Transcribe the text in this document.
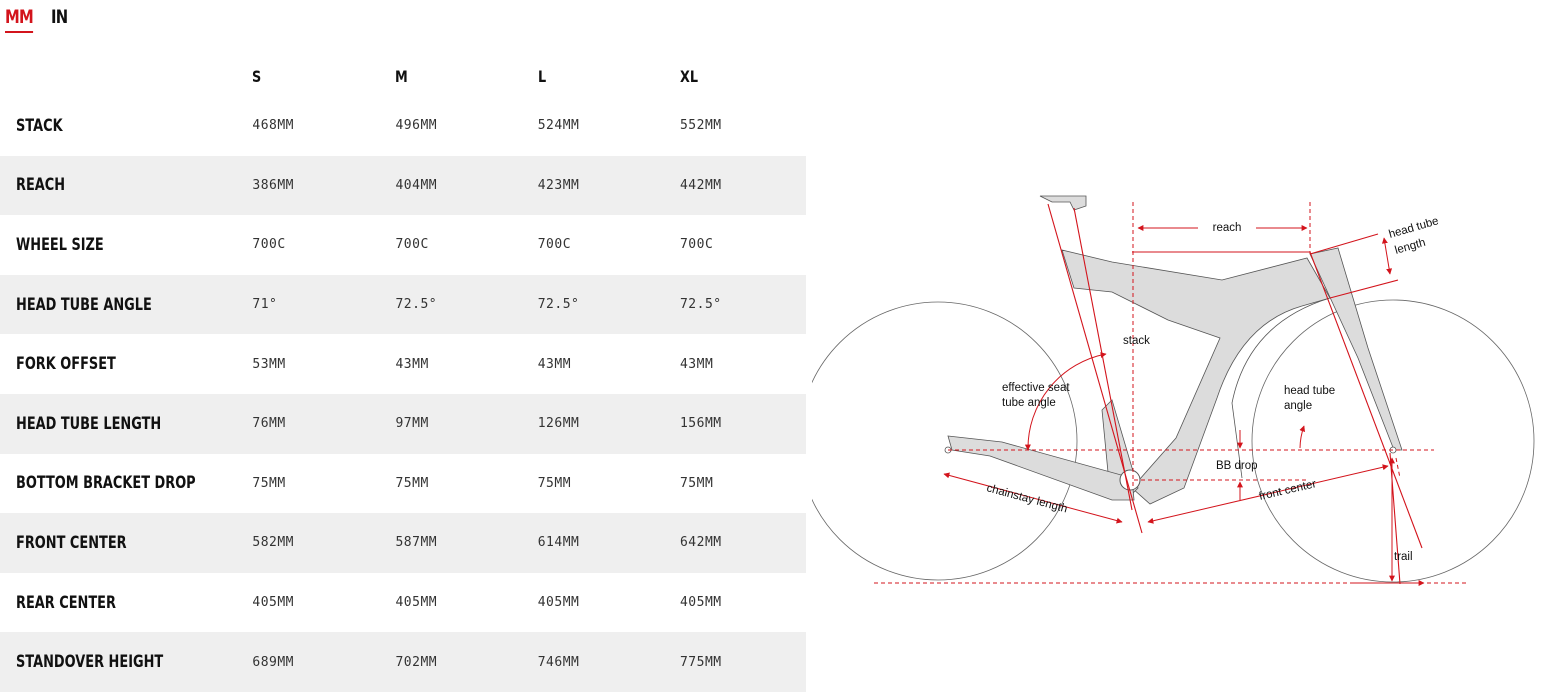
MM IN
	S	M	L	XL
STACK	468MM	496MM	524MM	552MM
REACH	386MM	404MM	423MM	442MM
WHEEL SIZE	700C	700C	700C	700C
HEAD TUBE ANGLE	71°	72.5°	72.5°	72.5°
FORK OFFSET	53MM	43MM	43MM	43MM
HEAD TUBE LENGTH	76MM	97MM	126MM	156MM
BOTTOM BRACKET DROP	75MM	75MM	75MM	75MM
FRONT CENTER	582MM	587MM	614MM	642MM
REAR CENTER	405MM	405MM	405MM	405MM
STANDOVER HEIGHT	689MM	702MM	746MM	775MM
reach	head tube
length
stack
effective seat
tube angle
head tube
angle
BB drop
chainstay length	front center
trail
